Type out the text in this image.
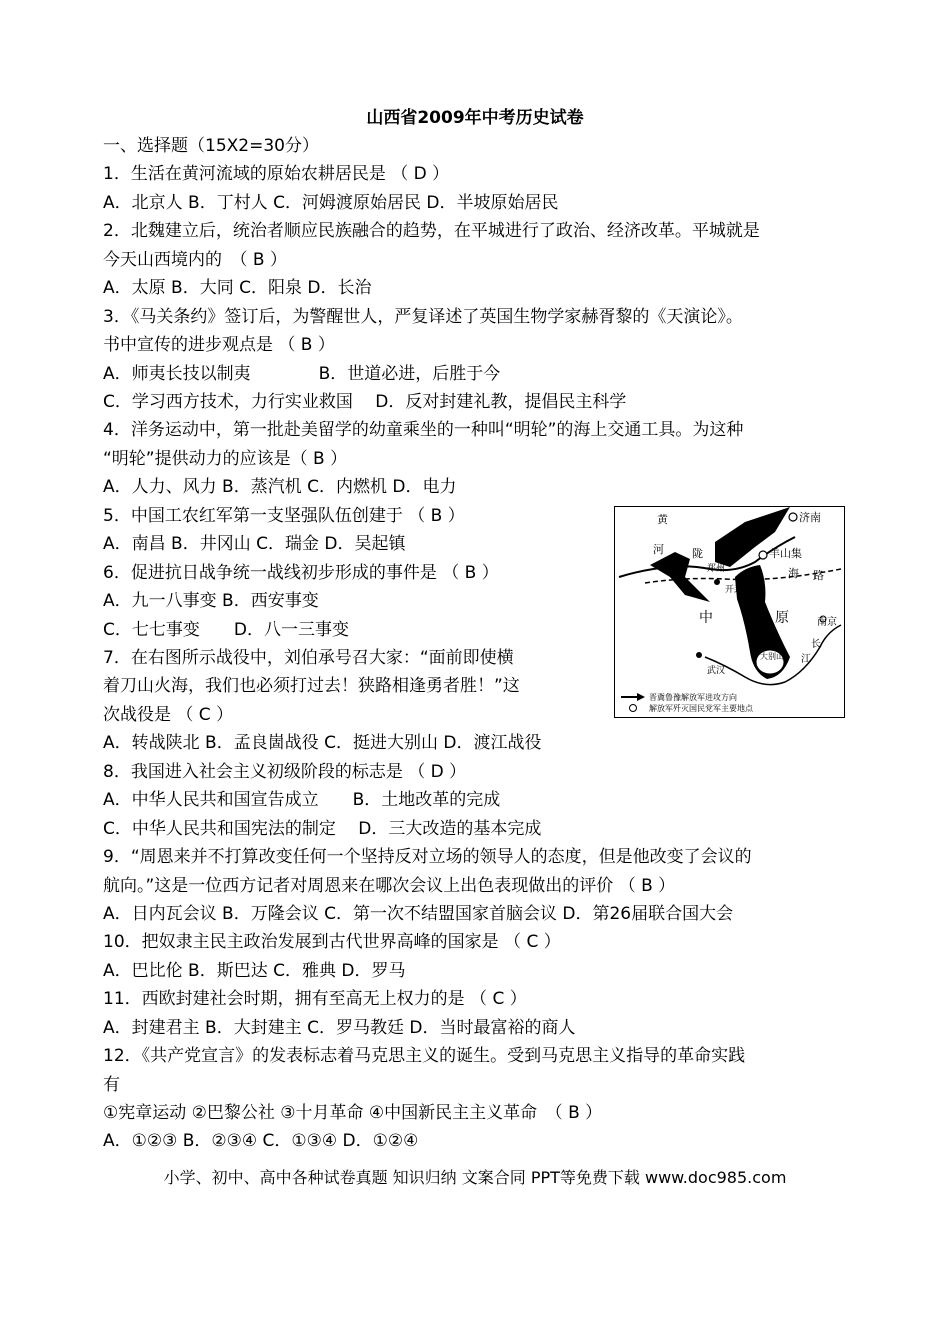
山西省2009年中考历史试卷
一、选择题（15X2=30分）
1．生活在黄河流域的原始农耕居民是 （ D ）
A．北京人 B．丁村人 C．河姆渡原始居民 D．半坡原始居民
2．北魏建立后，统治者顺应民族融合的趋势，在平城进行了政治、经济改革。平城就是
今天山西境内的　（ B ）
A．太原 B．大同 C．阳泉 D．长治
3．《马关条约》签订后，为警醒世人，严复译述了英国生物学家赫胥黎的《天演论》。
书中宣传的进步观点是 （ B ）
A．师夷长技以制夷　　　　B．世道必进，后胜于今
C．学习西方技术，力行实业救国　 D．反对封建礼教，提倡民主科学
4．洋务运动中，第一批赴美留学的幼童乘坐的一种叫“明轮”的海上交通工具。为这种
“明轮”提供动力的应该是（ B ）
A．人力、风力 B．蒸汽机 C．内燃机 D．电力
5．中国工农红军第一支坚强队伍创建于 （ B ）
A．南昌 B．井冈山 C．瑞金 D．吴起镇
6．促进抗日战争统一战线初步形成的事件是 （ B ）
A．九一八事变 B．西安事变
C．七七事变　　D．八一三事变
7．在右图所示战役中，刘伯承号召大家：“面前即使横
着刀山火海，我们也必须打过去！狭路相逢勇者胜！”这
次战役是 （ C ）
A．转战陕北 B．孟良崮战役 C．挺进大别山 D．渡江战役
8．我国进入社会主义初级阶段的标志是 （ D ）
A．中华人民共和国宣告成立　　B．土地改革的完成
C．中华人民共和国宪法的制定　 D．三大改造的基本完成
9．“周恩来并不打算改变任何一个坚持反对立场的领导人的态度，但是他改变了会议的
航向。”这是一位西方记者对周恩来在哪次会议上出色表现做出的评价 （ B ）
A．日内瓦会议 B．万隆会议 C．第一次不结盟国家首脑会议 D．第26届联合国大会
10．把奴隶主民主政治发展到古代世界高峰的国家是 （ C ）
A．巴比伦 B．斯巴达 C．雅典 D．罗马
11．西欧封建社会时期，拥有至高无上权力的是 （ C ）
A．封建君主 B．大封建主 C．罗马教廷 D．当时最富裕的商人
12．《共产党宣言》的发表标志着马克思主义的诞生。受到马克思主义指导的革命实践
有
①宪章运动 ②巴黎公社 ③十月革命 ④中国新民主主义革命　（ B ）
A．①②③ B．②③④ C．①③④ D．①②④
黄
河
济南
羊山集
陇
海 路
郑州
开封
中	原	南京
大别山
武汉
长
江
晋冀鲁豫解放军进攻方向
解放军歼灭国民党军主要地点
小学、初中、高中各种试卷真题 知识归纳 文案合同 PPT等免费下载 www.doc985.com
